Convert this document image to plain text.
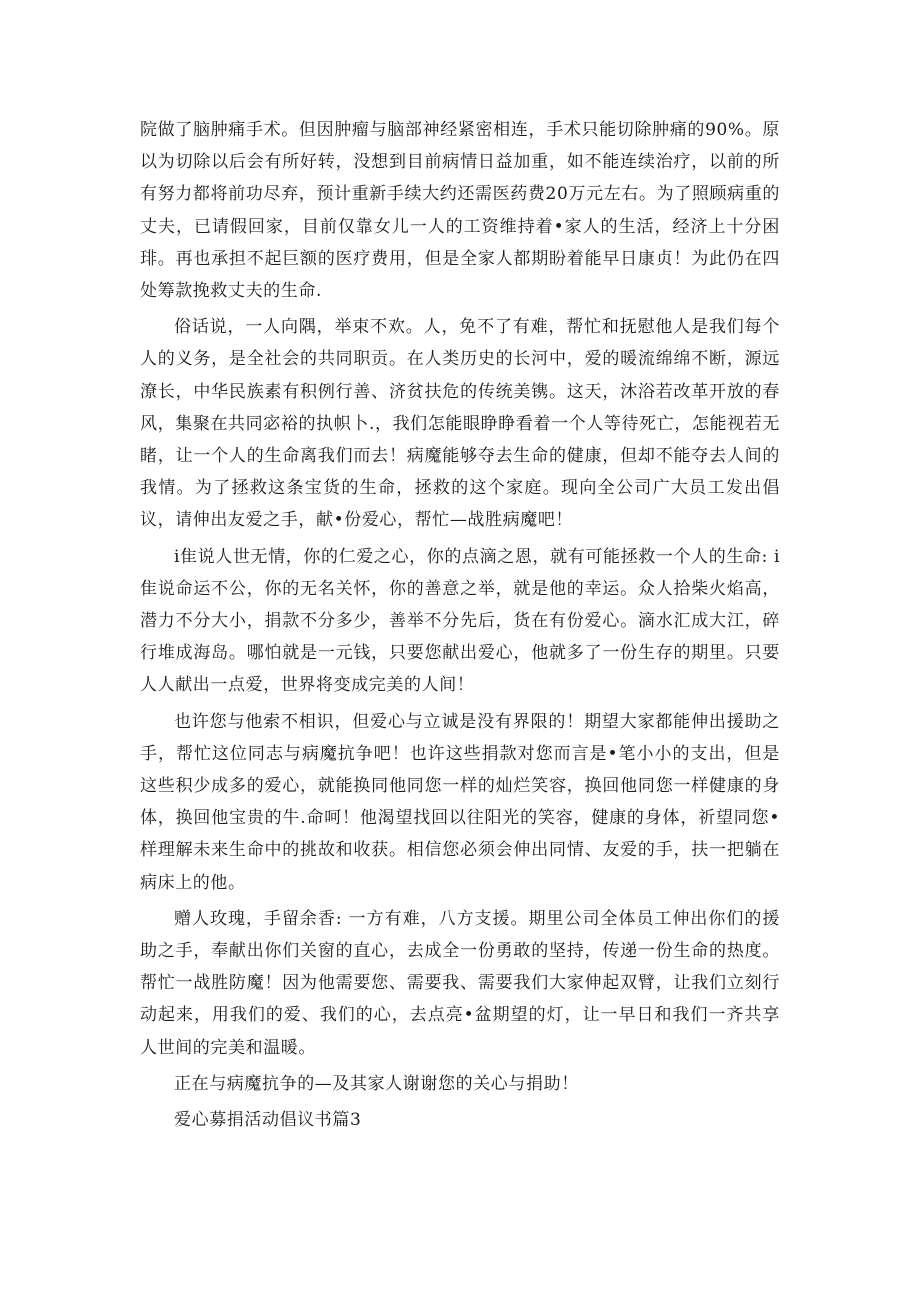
院做了脑肿痛手术。但因肿瘤与脑部神经紧密相连，手术只能切除肿痛的90%。原以为切除以后会有所好转，没想到目前病情日益加重，如不能连续治疗，以前的所有努力都将前功尽弃，预计重新手续大约还需医药费20万元左右。为了照顾病重的丈夫，已请假回家，目前仅靠女儿一人的工资维持着•家人的生活，经济上十分困琲。再也承担不起巨额的医疗费用，但是全家人都期盼着能早日康贞！为此仍在四处筹款挽救丈夫的生命.

俗话说，一人向隅，举束不欢。人，免不了有难，帮忙和抚慰他人是我们每个人的义务，是全社会的共同职贡。在人类历史的长河中，爱的暖流绵绵不断，源远潦长，中华民族素有积例行善、济贫扶危的传统美镌。这天，沐浴若改革开放的春风，集聚在共同宓裕的执帜卜.，我们怎能眼睁睁看着一个人等待死亡，怎能视若无睹，让一个人的生命离我们而去！病魔能够夺去生命的健康，但却不能夺去人间的我情。为了拯救这条宝货的生命，拯救的这个家庭。现向全公司广大员工发出倡议，请伸出友爱之手，献•份爱心，帮忙—战胜病魔吧！

i隹说人世无情，你的仁爱之心，你的点滴之恩，就有可能拯救一个人的生命: i隹说命运不公，你的无名关怀，你的善意之举，就是他的幸运。众人拾柴火焰高，潜力不分大小，捐款不分多少，善举不分先后，货在有份爱心。滴水汇成大江，碎行堆成海岛。哪怕就是一元钱，只要您献出爱心，他就多了一份生存的期里。只要人人献出一点爱，世界将变成完美的人间！

也许您与他索不相识，但爱心与立诚是没有界限的！期望大家都能伸出援助之手，帮忙这位同志与病魔抗争吧！也许这些捐款对您而言是•笔小小的支出，但是这些积少成多的爱心，就能换同他同您一样的灿烂笑容，换回他同您一样健康的身体，换回他宝贵的牛.命呵！他渴望找回以往阳光的笑容，健康的身体，祈望同您•样理解未来生命中的挑故和收获。相信您必须会伸出同情、友爱的手，扶一把躺在病床上的他。

赠人玫瑰，手留余香: 一方有难，八方支援。期里公司全体员工伸出你们的援助之手，奉献出你们关窗的直心，去成全一份勇敢的坚持，传递一份生命的热度。帮忙一战胜防魔！因为他需要您、需要我、需要我们大家伸起双臂，让我们立刻行动起来，用我们的爱、我们的心，去点亮•盆期望的灯，让一早日和我们一齐共享人世间的完美和温暖。

正在与病魔抗争的—及其家人谢谢您的关心与捐助！

爱心募捐活动倡议书篇3
